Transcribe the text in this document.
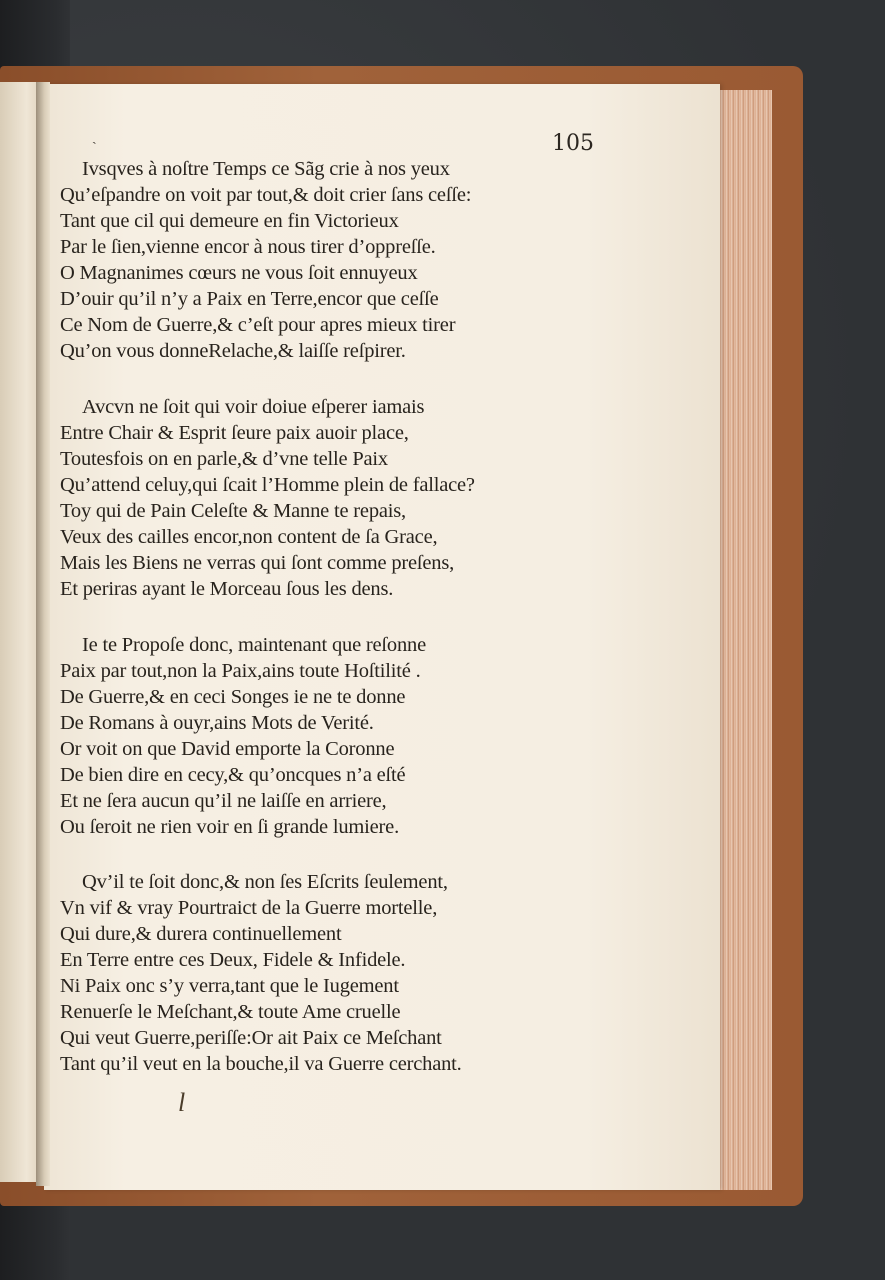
ˏ	105
Ivsqves à noſtre Temps ce Sãg crie à nos yeux
Qu’eſpandre on voit par tout,& doit crier ſans ceſſe:
Tant que cil qui demeure en fin Victorieux
Par le ſien,vienne encor à nous tirer d’oppreſſe.
O Magnanimes cœurs ne vous ſoit ennuyeux
D’ouir qu’il n’y a Paix en Terre,encor que ceſſe
Ce Nom de Guerre,& c’eſt pour apres mieux tirer
Qu’on vous donneRelache,& laiſſe reſpirer.
Avcvn ne ſoit qui voir doiue eſperer iamais
Entre Chair & Esprit ſeure paix auoir place,
Toutesfois on en parle,& d’vne telle Paix
Qu’attend celuy,qui ſcait l’Homme plein de fallace?
Toy qui de Pain Celeſte & Manne te repais,
Veux des cailles encor,non content de ſa Grace,
Mais les Biens ne verras qui ſont comme preſens,
Et periras ayant le Morceau ſous les dens.
Ie te Propoſe donc, maintenant que reſonne
Paix par tout,non la Paix,ains toute Hoſtilité .
De Guerre,& en ceci Songes ie ne te donne
De Romans à ouyr,ains Mots de Verité.
Or voit on que David emporte la Coronne
De bien dire en cecy,& qu’oncques n’a eſté
Et ne ſera aucun qu’il ne laiſſe en arriere,
Ou ſeroit ne rien voir en ſi grande lumiere.
Qv’il te ſoit donc,& non ſes Eſcrits ſeulement,
Vn vif & vray Pourtraict de la Guerre mortelle,
Qui dure,& durera continuellement
En Terre entre ces Deux, Fidele & Infidele.
Ni Paix onc s’y verra,tant que le Iugement
Renuerſe le Meſchant,& toute Ame cruelle
Qui veut Guerre,periſſe:Or ait Paix ce Meſchant
Tant qu’il veut en la bouche,il va Guerre cerchant.
l
